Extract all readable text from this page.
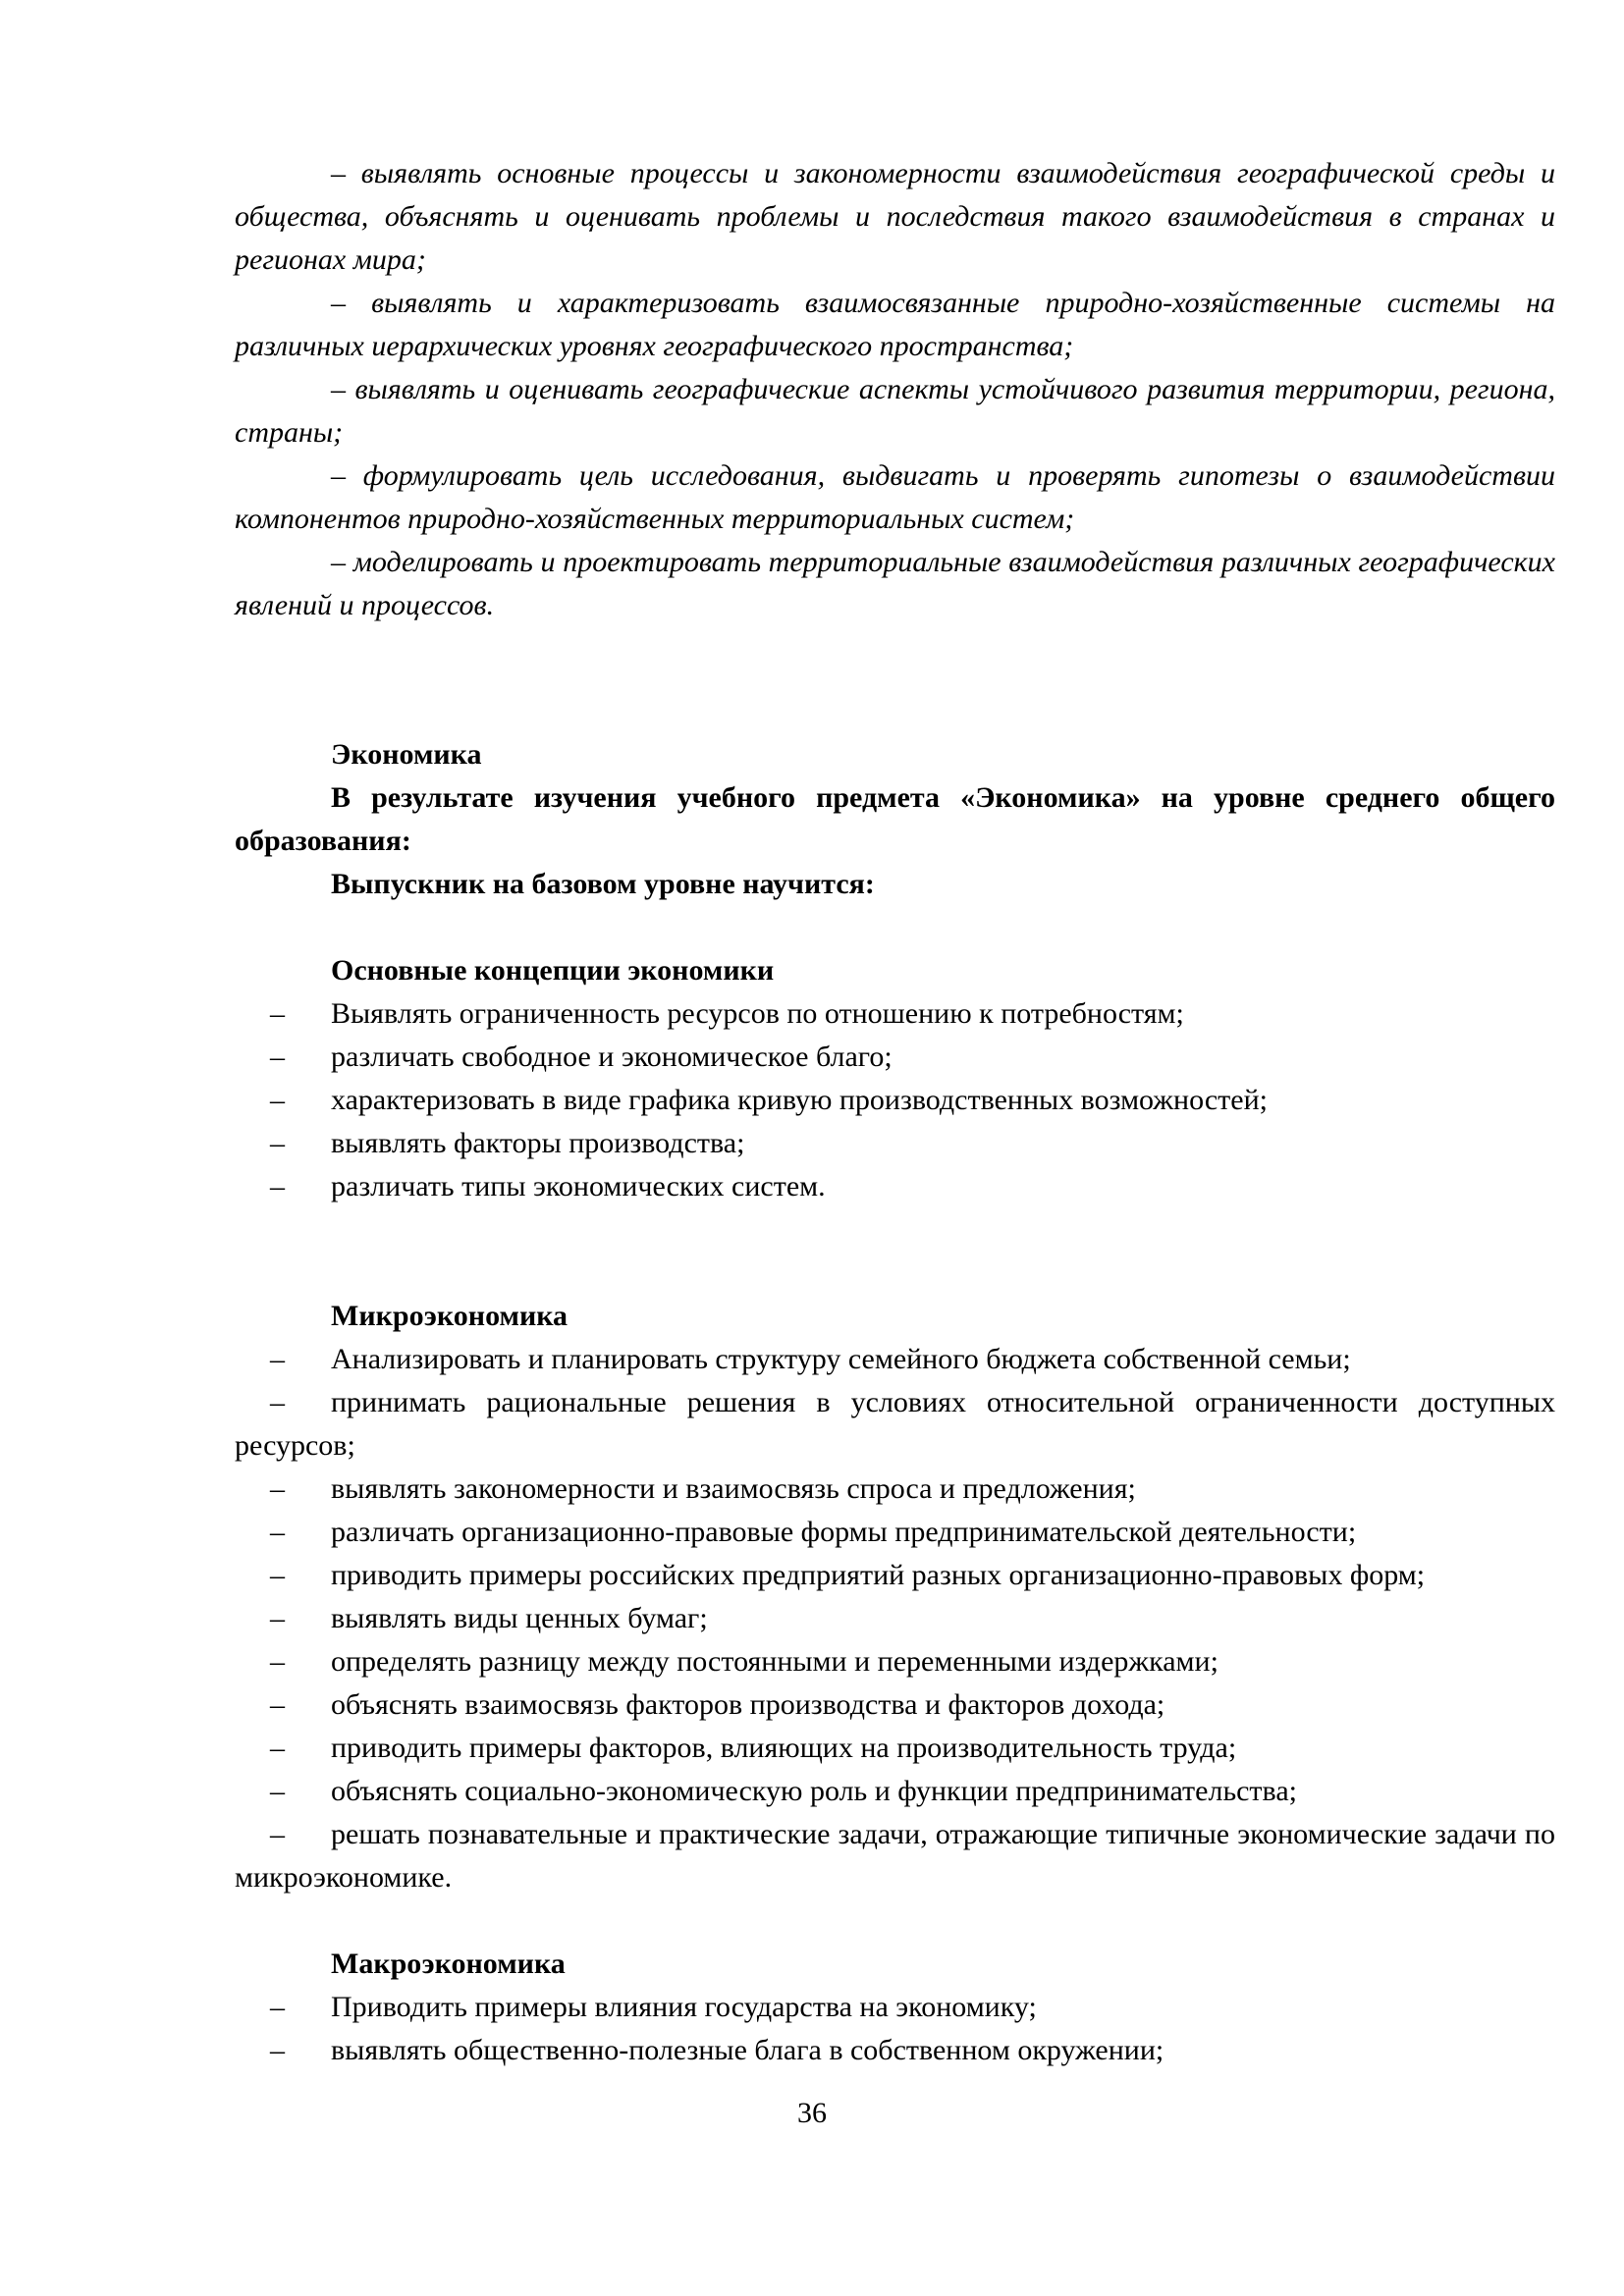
– выявлять основные процессы и закономерности взаимодействия географической среды и общества, объяснять и оценивать проблемы и последствия такого взаимодействия в странах и регионах мира;

– выявлять и характеризовать взаимосвязанные природно-хозяйственные системы на различных иерархических уровнях географического пространства;

– выявлять и оценивать географические аспекты устойчивого развития территории, региона, страны;

– формулировать цель исследования, выдвигать и проверять гипотезы о взаимодействии компонентов природно-хозяйственных территориальных систем;

– моделировать и проектировать территориальные взаимодействия различных географических явлений и процессов.

Экономика

В результате изучения учебного предмета «Экономика» на уровне среднего общего образования:

Выпускник на базовом уровне научится:

Основные концепции экономики

– Выявлять ограниченность ресурсов по отношению к потребностям;
– различать свободное и экономическое благо;
– характеризовать в виде графика кривую производственных возможностей;
– выявлять факторы производства;
– различать типы экономических систем.

Микроэкономика

– Анализировать и планировать структуру семейного бюджета собственной семьи;
– принимать рациональные решения в условиях относительной ограниченности доступных ресурсов;
– выявлять закономерности и взаимосвязь спроса и предложения;
– различать организационно-правовые формы предпринимательской деятельности;
– приводить примеры российских предприятий разных организационно-правовых форм;
– выявлять виды ценных бумаг;
– определять разницу между постоянными и переменными издержками;
– объяснять взаимосвязь факторов производства и факторов дохода;
– приводить примеры факторов, влияющих на производительность труда;
– объяснять социально-экономическую роль и функции предпринимательства;
– решать познавательные и практические задачи, отражающие типичные экономические задачи по микроэкономике.

Макроэкономика

– Приводить примеры влияния государства на экономику;
– выявлять общественно-полезные блага в собственном окружении;
36
